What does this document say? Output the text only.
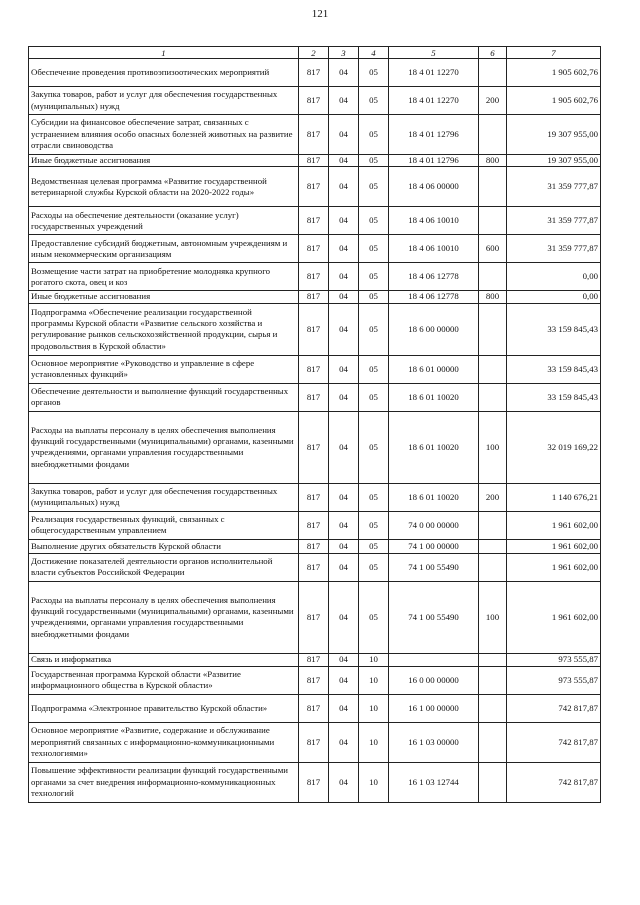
121
1	2	3	4	5	6	7
Обеспечение проведения противоэпизоотических мероприятий	817	04	05	18 4 01 12270		1 905 602,76
Закупка товаров, работ и услуг для обеспечения государственных (муниципальных) нужд	817	04	05	18 4 01 12270	200	1 905 602,76
Субсидии на финансовое обеспечение затрат, связанных с устранением влияния особо опасных болезней животных на развитие отрасли свиноводства	817	04	05	18 4 01 12796		19 307 955,00
Иные бюджетные ассигнования	817	04	05	18 4 01 12796	800	19 307 955,00
Ведомственная целевая программа «Развитие государственной ветеринарной службы Курской области на 2020-2022 годы»	817	04	05	18 4 06 00000		31 359 777,87
Расходы на обеспечение деятельности (оказание услуг) государственных учреждений	817	04	05	18 4 06 10010		31 359 777,87
Предоставление субсидий бюджетным, автономным учреждениям и иным некоммерческим организациям	817	04	05	18 4 06 10010	600	31 359 777,87
Возмещение части затрат на приобретение молодняка крупного рогатого скота, овец и коз	817	04	05	18 4 06 12778		0,00
Иные бюджетные ассигнования	817	04	05	18 4 06 12778	800	0,00
Подпрограмма «Обеспечение реализации государственной программы Курской области «Развитие сельского хозяйства и регулирование рынков сельскохозяйственной продукции, сырья и продовольствия в Курской области»	817	04	05	18 6 00 00000		33 159 845,43
Основное мероприятие «Руководство и управление в сфере установленных функций»	817	04	05	18 6 01 00000		33 159 845,43
Обеспечение деятельности и выполнение функций государственных органов	817	04	05	18 6 01 10020		33 159 845,43
Расходы на выплаты персоналу в целях обеспечения выполнения функций государственными (муниципальными) органами, казенными учреждениями, органами управления государственными внебюджетными фондами	817	04	05	18 6 01 10020	100	32 019 169,22
Закупка товаров, работ и услуг для обеспечения государственных (муниципальных) нужд	817	04	05	18 6 01 10020	200	1 140 676,21
Реализация государственных функций, связанных с общегосударственным управлением	817	04	05	74 0 00 00000		1 961 602,00
Выполнение других обязательств Курской области	817	04	05	74 1 00 00000		1 961 602,00
Достижение показателей деятельности органов исполнительной власти субъектов Российской Федерации	817	04	05	74 1 00 55490		1 961 602,00
Расходы на выплаты персоналу в целях обеспечения выполнения функций государственными (муниципальными) органами, казенными учреждениями, органами управления государственными внебюджетными фондами	817	04	05	74 1 00 55490	100	1 961 602,00
Связь и информатика	817	04	10			973 555,87
Государственная программа Курской области «Развитие информационного общества в Курской области»	817	04	10	16 0 00 00000		973 555,87
Подпрограмма «Электронное правительство Курской области»	817	04	10	16 1 00 00000		742 817,87
Основное мероприятие «Развитие, содержание и обслуживание мероприятий связанных с информационно-коммуникационными технологиями»	817	04	10	16 1 03 00000		742 817,87
Повышение эффективности реализации функций государственными органами за счет внедрения информационно-коммуникационных технологий	817	04	10	16 1 03 12744		742 817,87
